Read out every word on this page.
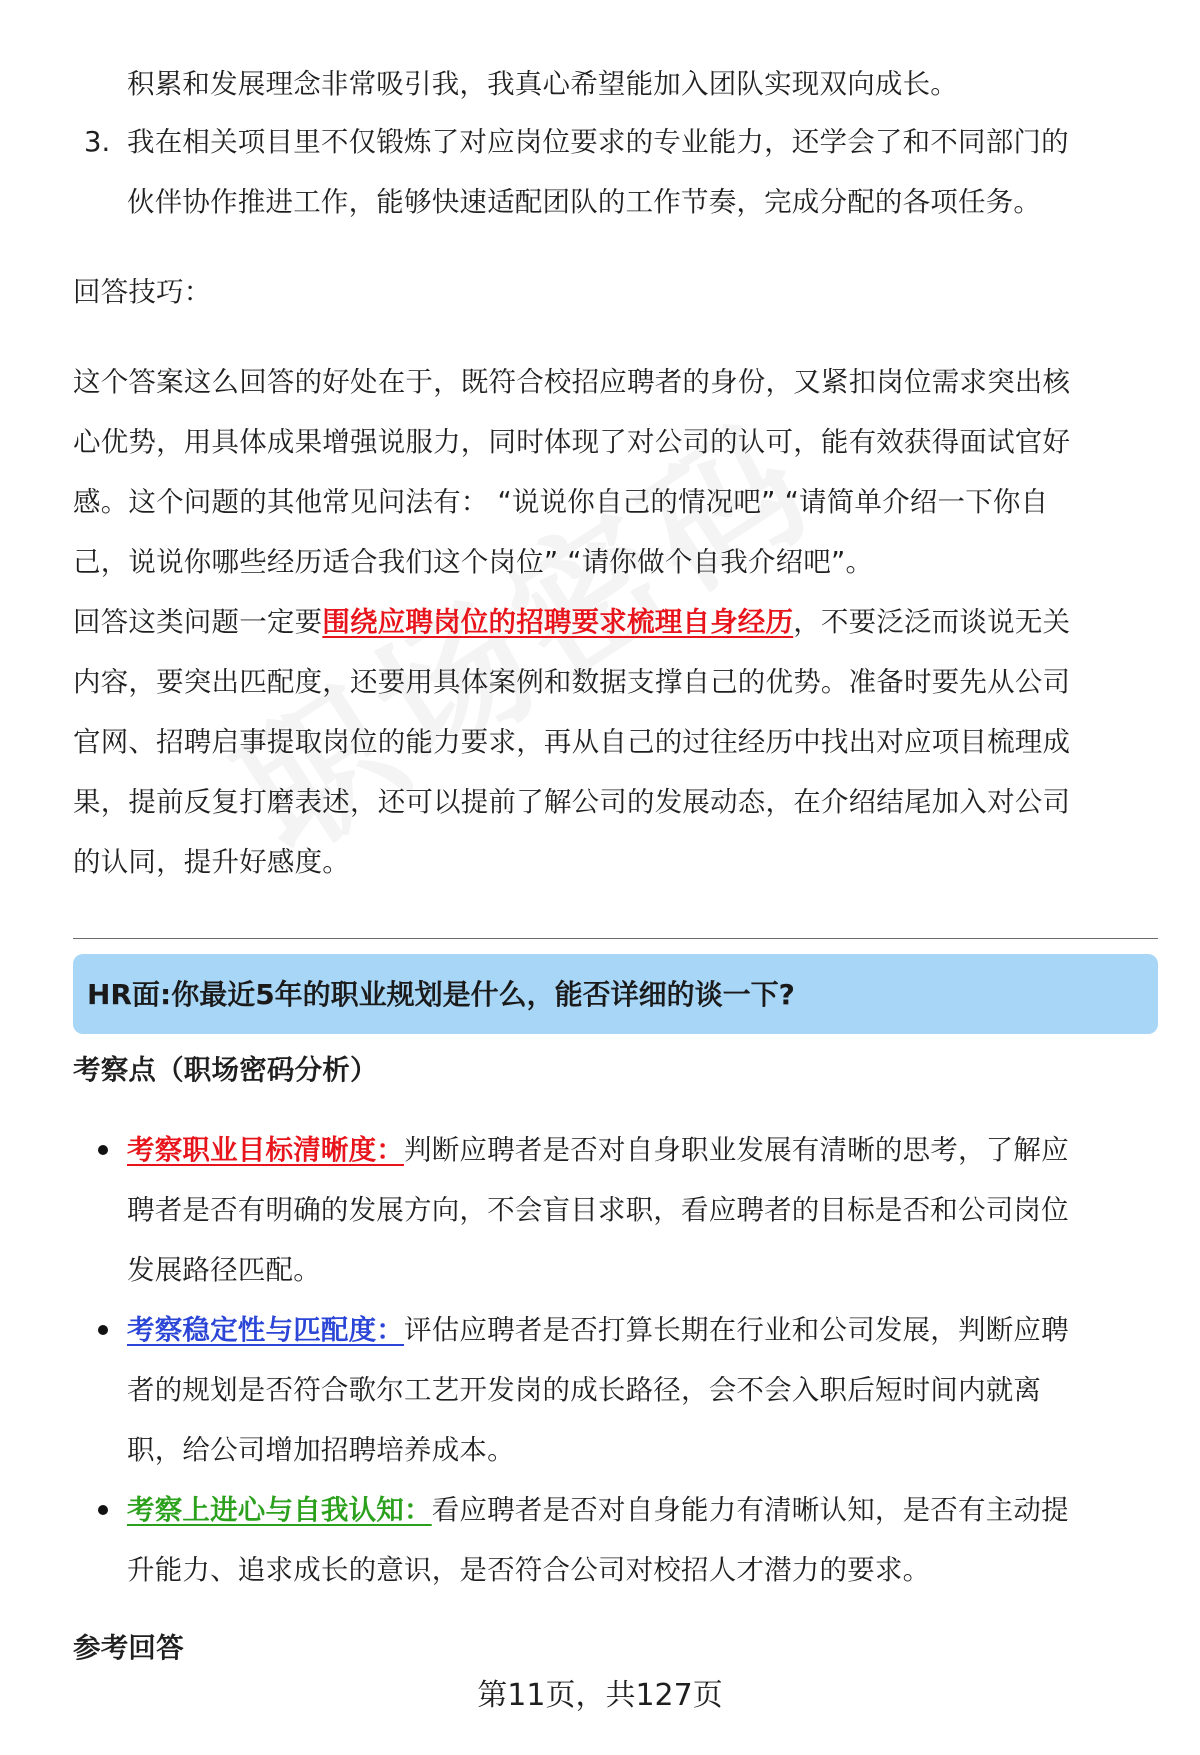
积累和发展理念非常吸引我，我真心希望能加入团队实现双向成长。

3. 我在相关项目里不仅锻炼了对应岗位要求的专业能力，还学会了和不同部门的

伙伴协作推进工作，能够快速适配团队的工作节奏，完成分配的各项任务。

回答技巧：

这个答案这么回答的好处在于，既符合校招应聘者的身份，又紧扣岗位需求突出核

心优势，用具体成果增强说服力，同时体现了对公司的认可，能有效获得面试官好

感。这个问题的其他常见问法有： “说说你自己的情况吧” “请简单介绍一下你自

己，说说你哪些经历适合我们这个岗位” “请你做个自我介绍吧”。

回答这类问题一定要围绕应聘岗位的招聘要求梳理自身经历，不要泛泛而谈说无关

内容，要突出匹配度，还要用具体案例和数据支撑自己的优势。准备时要先从公司

官网、招聘启事提取岗位的能力要求，再从自己的过往经历中找出对应项目梳理成

果，提前反复打磨表述，还可以提前了解公司的发展动态，在介绍结尾加入对公司

的认同，提升好感度。

HR面:你最近5年的职业规划是什么，能否详细的谈一下?

考察点（职场密码分析）

考察职业目标清晰度：判断应聘者是否对自身职业发展有清晰的思考，了解应

聘者是否有明确的发展方向，不会盲目求职，看应聘者的目标是否和公司岗位

发展路径匹配。

考察稳定性与匹配度：评估应聘者是否打算长期在行业和公司发展，判断应聘

者的规划是否符合歌尔工艺开发岗的成长路径，会不会入职后短时间内就离

职，给公司增加招聘培养成本。

考察上进心与自我认知：看应聘者是否对自身能力有清晰认知，是否有主动提

升能力、追求成长的意识，是否符合公司对校招人才潜力的要求。

参考回答

第11页，共127页
